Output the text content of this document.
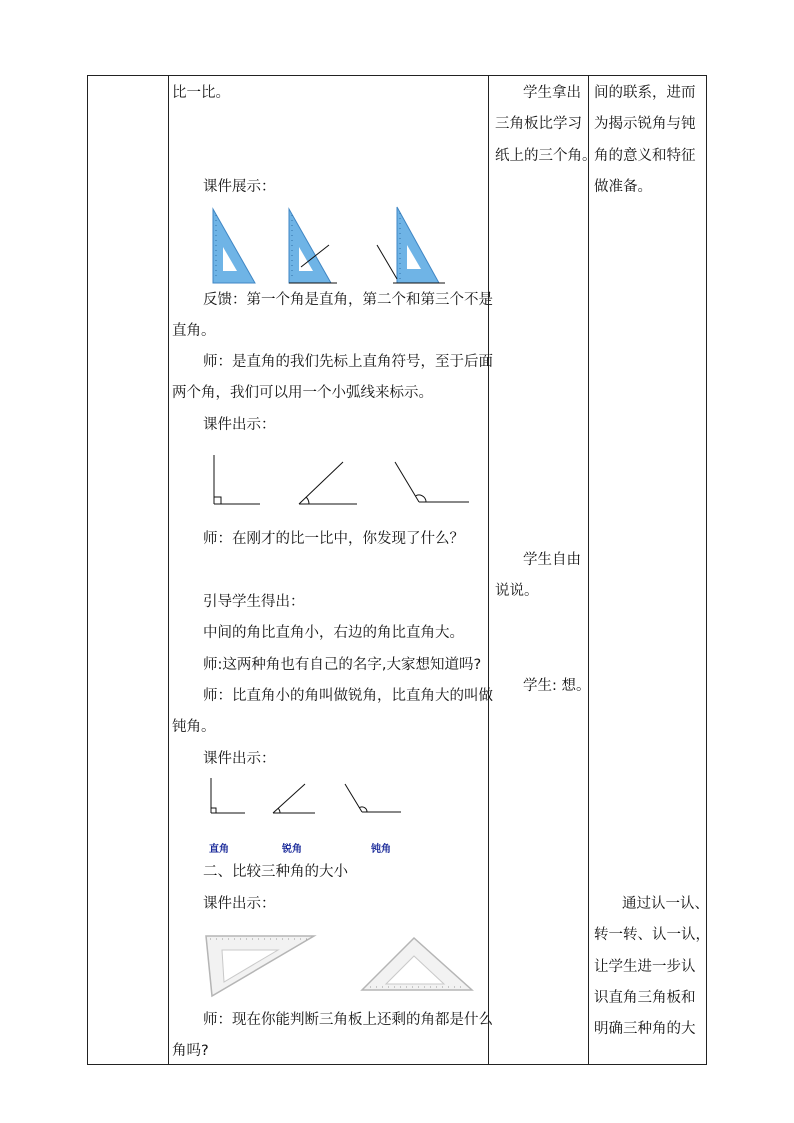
比一比。
课件展示：
反馈：第一个角是直角，第二个和第三个不是
直角。
师：是直角的我们先标上直角符号，至于后面
两个角，我们可以用一个小弧线来标示。
课件出示：
师：在刚才的比一比中，你发现了什么？
引导学生得出：
中间的角比直角小，右边的角比直角大。
师:这两种角也有自己的名字,大家想知道吗?
师：比直角小的角叫做锐角，比直角大的叫做
钝角。
课件出示：
直角	锐角	钝角
二、比较三种角的大小
课件出示：
师：现在你能判断三角板上还剩的角都是什么
角吗?
学生拿出
三角板比学习
纸上的三个角。
学生自由
说说。
学生: 想。
间的联系，进而
为揭示锐角与钝
角的意义和特征
做准备。
通过认一认、
转一转、认一认，
让学生进一步认
识直角三角板和
明确三种角的大
